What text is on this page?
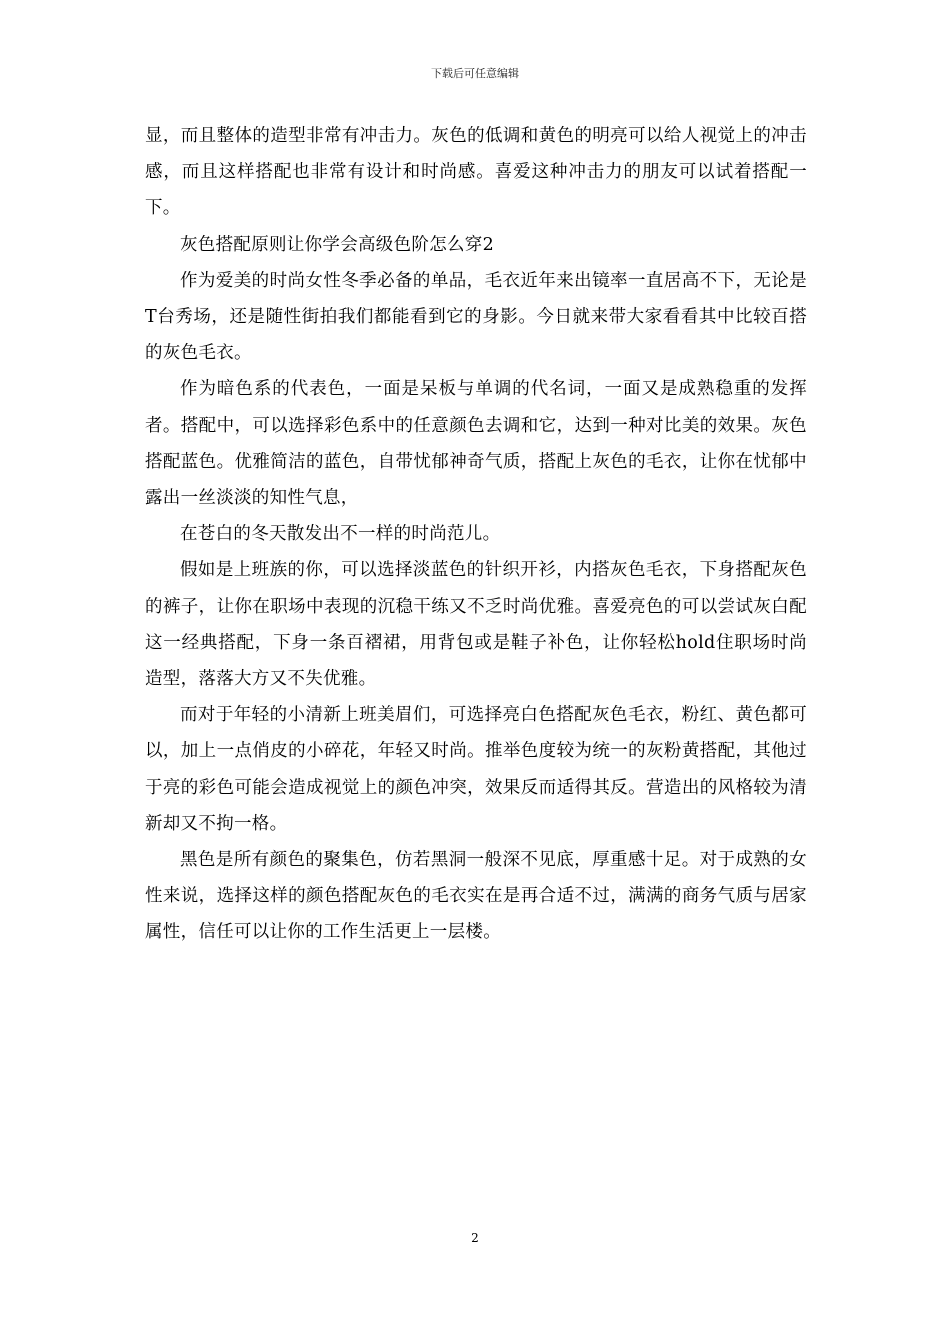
下载后可任意编辑

显，而且整体的造型非常有冲击力。灰色的低调和黄色的明亮可以给人视觉上的冲击感，而且这样搭配也非常有设计和时尚感。喜爱这种冲击力的朋友可以试着搭配一下。

灰色搭配原则让你学会高级色阶怎么穿2

作为爱美的时尚女性冬季必备的单品，毛衣近年来出镜率一直居高不下，无论是T台秀场，还是随性街拍我们都能看到它的身影。今日就来带大家看看其中比较百搭的灰色毛衣。

作为暗色系的代表色，一面是呆板与单调的代名词，一面又是成熟稳重的发挥者。搭配中，可以选择彩色系中的任意颜色去调和它，达到一种对比美的效果。灰色搭配蓝色。优雅简洁的蓝色，自带忧郁神奇气质，搭配上灰色的毛衣，让你在忧郁中露出一丝淡淡的知性气息，

在苍白的冬天散发出不一样的时尚范儿。

假如是上班族的你，可以选择淡蓝色的针织开衫，内搭灰色毛衣，下身搭配灰色的裤子，让你在职场中表现的沉稳干练又不乏时尚优雅。喜爱亮色的可以尝试灰白配这一经典搭配，下身一条百褶裙，用背包或是鞋子补色，让你轻松hold住职场时尚造型，落落大方又不失优雅。

而对于年轻的小清新上班美眉们，可选择亮白色搭配灰色毛衣，粉红、黄色都可以，加上一点俏皮的小碎花，年轻又时尚。推举色度较为统一的灰粉黄搭配，其他过于亮的彩色可能会造成视觉上的颜色冲突，效果反而适得其反。营造出的风格较为清新却又不拘一格。

黑色是所有颜色的聚集色，仿若黑洞一般深不见底，厚重感十足。对于成熟的女性来说，选择这样的颜色搭配灰色的毛衣实在是再合适不过，满满的商务气质与居家属性，信任可以让你的工作生活更上一层楼。

2
